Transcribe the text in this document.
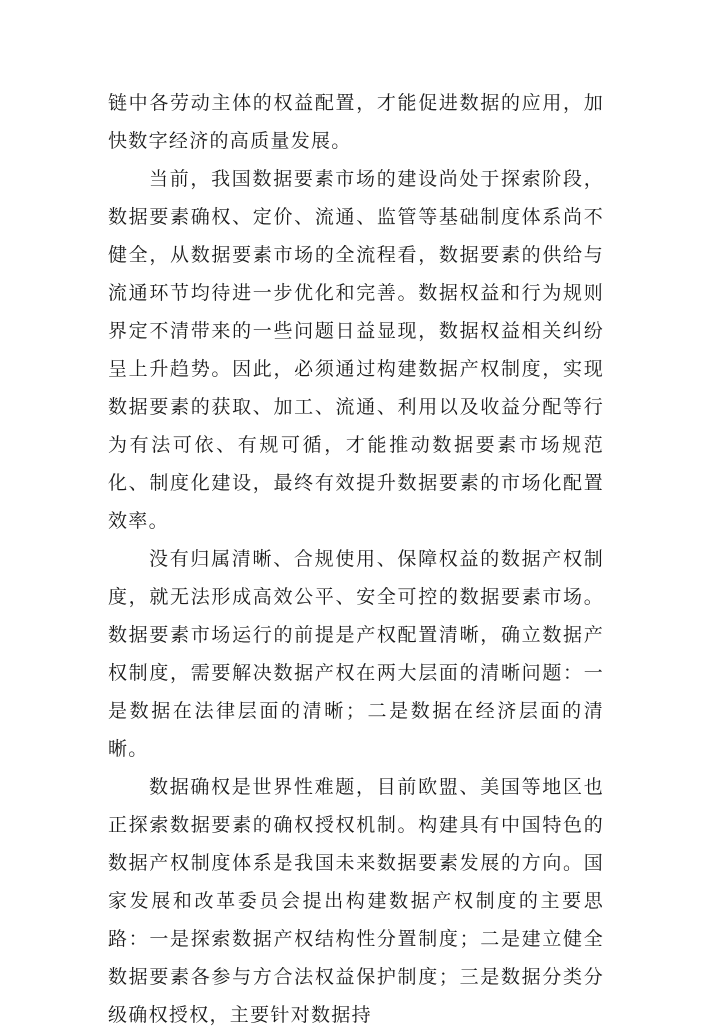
链中各劳动主体的权益配置，才能促进数据的应用，加快数字经济的高质量发展。

当前，我国数据要素市场的建设尚处于探索阶段，数据要素确权、定价、流通、监管等基础制度体系尚不健全，从数据要素市场的全流程看，数据要素的供给与流通环节均待进一步优化和完善。数据权益和行为规则界定不清带来的一些问题日益显现，数据权益相关纠纷呈上升趋势。因此，必须通过构建数据产权制度，实现数据要素的获取、加工、流通、利用以及收益分配等行为有法可依、有规可循，才能推动数据要素市场规范化、制度化建设，最终有效提升数据要素的市场化配置效率。

没有归属清晰、合规使用、保障权益的数据产权制度，就无法形成高效公平、安全可控的数据要素市场。数据要素市场运行的前提是产权配置清晰，确立数据产权制度，需要解决数据产权在两大层面的清晰问题：一是数据在法律层面的清晰；二是数据在经济层面的清晰。

数据确权是世界性难题，目前欧盟、美国等地区也正探索数据要素的确权授权机制。构建具有中国特色的数据产权制度体系是我国未来数据要素发展的方向。国家发展和改革委员会提出构建数据产权制度的主要思路：一是探索数据产权结构性分置制度；二是建立健全数据要素各参与方合法权益保护制度；三是数据分类分级确权授权，主要针对数据持
